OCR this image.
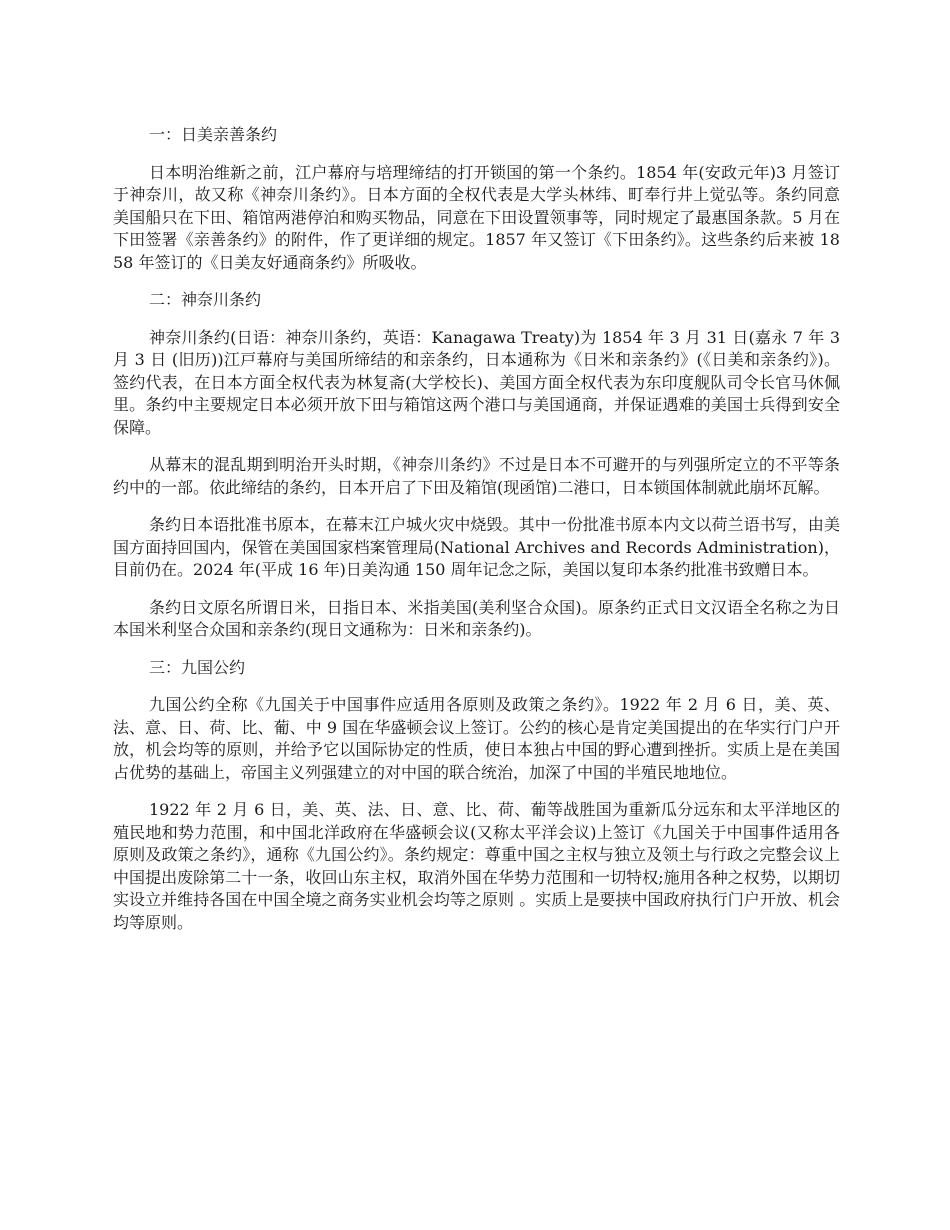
一：日美亲善条约

日本明治维新之前，江户幕府与培理缔结的打开锁国的第一个条约。1854 年(安政元年)3 月签订于神奈川，故又称《神奈川条约》。日本方面的全权代表是大学头林纬、町奉行井上觉弘等。条约同意美国船只在下田、箱馆两港停泊和购买物品，同意在下田设置领事等，同时规定了最惠国条款。5 月在下田签署《亲善条约》的附件，作了更详细的规定。1857 年又签订《下田条约》。这些条约后来被 1858 年签订的《日美友好通商条约》所吸收。

二：神奈川条约

神奈川条约(日语：神奈川条约，英语：Kanagawa Treaty)为 1854 年 3 月 31 日(嘉永 7 年 3 月 3 日 (旧历))江戸幕府与美国所缔结的和亲条约，日本通称为《日米和亲条约》(《日美和亲条约》)。签约代表，在日本方面全权代表为林复斋(大学校长)、美国方面全权代表为东印度舰队司令长官马休佩里。条约中主要规定日本必须开放下田与箱馆这两个港口与美国通商，并保证遇难的美国士兵得到安全保障。

从幕末的混乱期到明治开头时期，《神奈川条约》不过是日本不可避开的与列强所定立的不平等条约中的一部。依此缔结的条约，日本开启了下田及箱馆(现函馆)二港口，日本锁国体制就此崩坏瓦解。

条约日本语批准书原本，在幕末江户城火灾中烧毁。其中一份批准书原本内文以荷兰语书写，由美国方面持回国内，保管在美国国家档案管理局(National Archives and Records Administration)，目前仍在。2024 年(平成 16 年)日美沟通 150 周年记念之际，美国以复印本条约批准书致赠日本。

条约日文原名所谓日米，日指日本、米指美国(美利坚合众国)。原条约正式日文汉语全名称之为日本国米利坚合众国和亲条约(现日文通称为：日米和亲条约)。

三：九国公约

九国公约全称《九国关于中国事件应适用各原则及政策之条约》。1922 年 2 月 6 日，美、英、法、意、日、荷、比、葡、中 9 国在华盛顿会议上签订。公约的核心是肯定美国提出的在华实行门户开放，机会均等的原则，并给予它以国际协定的性质，使日本独占中国的野心遭到挫折。实质上是在美国占优势的基础上，帝国主义列强建立的对中国的联合统治，加深了中国的半殖民地地位。

1922 年 2 月 6 日，美、英、法、日、意、比、荷、葡等战胜国为重新瓜分远东和太平洋地区的殖民地和势力范围，和中国北洋政府在华盛顿会议(又称太平洋会议)上签订《九国关于中国事件适用各原则及政策之条约》，通称《九国公约》。条约规定：尊重中国之主权与独立及领土与行政之完整会议上中国提出废除第二十一条，收回山东主权，取消外国在华势力范围和一切特权;施用各种之权势，以期切实设立并维持各国在中国全境之商务实业机会均等之原则 。实质上是要挟中国政府执行门户开放、机会均等原则。
